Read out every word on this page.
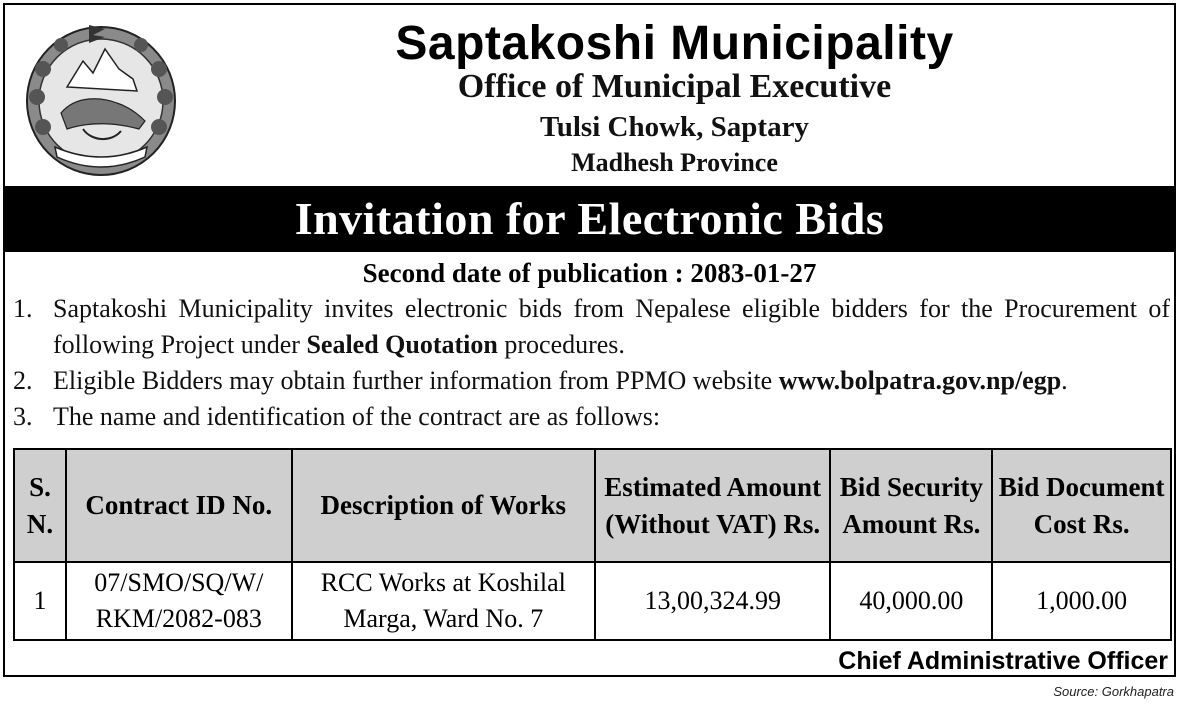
Saptakoshi Municipality
Office of Municipal Executive
Tulsi Chowk, Saptary
Madhesh Province
Invitation for Electronic Bids
Second date of publication : 2083-01-27
1. Saptakoshi Municipality invites electronic bids from Nepalese eligible bidders for the Procurement of following Project under Sealed Quotation procedures.
2. Eligible Bidders may obtain further information from PPMO website www.bolpatra.gov.np/egp.
3. The name and identification of the contract are as follows:
S. N.	Contract ID No.	Description of Works	Estimated Amount (Without VAT) Rs.	Bid Security Amount Rs.	Bid Document Cost Rs.
1	07/SMO/SQ/W/ RKM/2082-083	RCC Works at Koshilal Marga, Ward No. 7	13,00,324.99	40,000.00	1,000.00
Chief Administrative Officer
Source: Gorkhapatra
